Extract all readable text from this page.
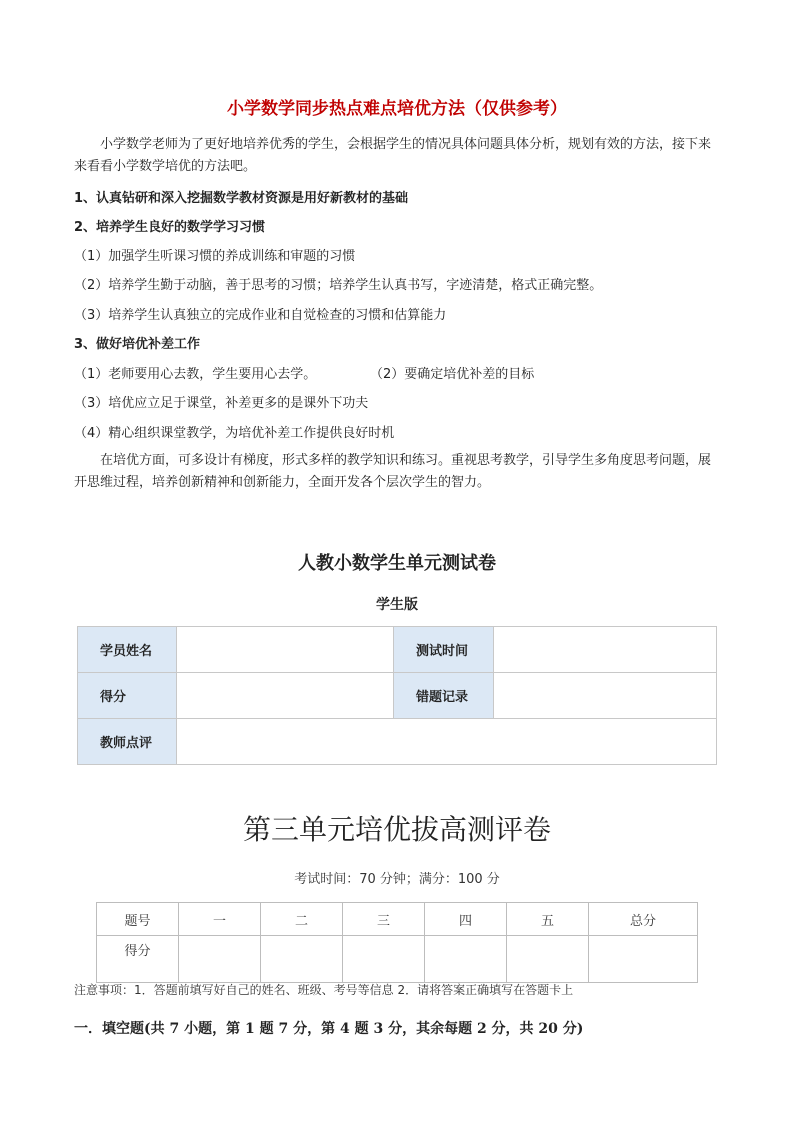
小学数学同步热点难点培优方法（仅供参考）
小学数学老师为了更好地培养优秀的学生，会根据学生的情况具体问题具体分析，规划有效的方法，接下来来看看小学数学培优的方法吧。
1、认真钻研和深入挖掘数学教材资源是用好新教材的基础
2、培养学生良好的数学学习习惯
（1）加强学生听课习惯的养成训练和审题的习惯
（2）培养学生勤于动脑，善于思考的习惯；培养学生认真书写，字迹清楚，格式正确完整。
（3）培养学生认真独立的完成作业和自觉检查的习惯和估算能力
3、做好培优补差工作
（1）老师要用心去教，学生要用心去学。	（2）要确定培优补差的目标
（3）培优应立足于课堂，补差更多的是课外下功夫
（4）精心组织课堂教学，为培优补差工作提供良好时机
在培优方面，可多设计有梯度，形式多样的教学知识和练习。重视思考教学，引导学生多角度思考问题，展开思维过程，培养创新精神和创新能力，全面开发各个层次学生的智力。
人教小数学生单元测试卷
学生版
学员姓名		测试时间	
得分		错题记录	
教师点评			
第三单元培优拔高测评卷
考试时间：70 分钟；满分：100 分
题号	一	二	三	四	五	总分
得分						
注意事项：1．答题前填写好自己的姓名、班级、考号等信息 2．请将答案正确填写在答题卡上
一．填空题(共 7 小题，第 1 题 7 分，第 4 题 3 分，其余每题 2 分，共 20 分)
